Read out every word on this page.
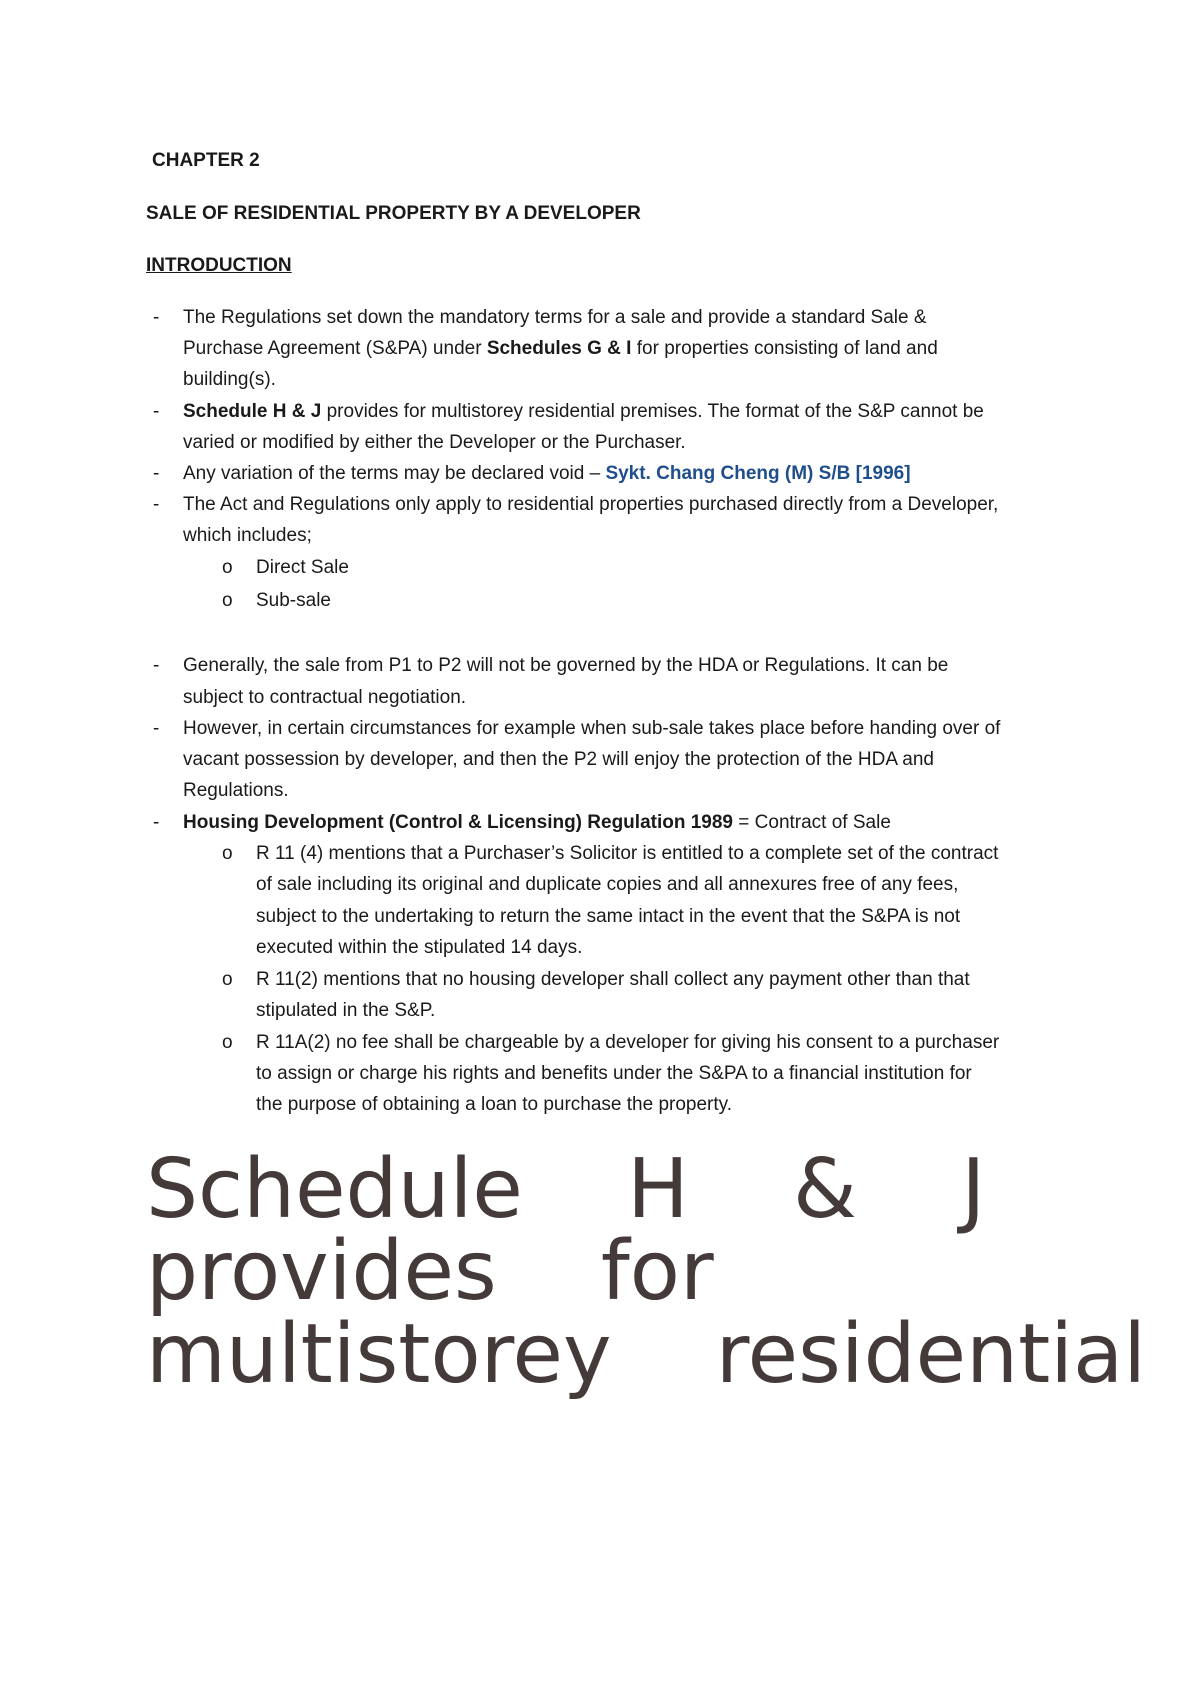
CHAPTER 2
SALE OF RESIDENTIAL PROPERTY BY A DEVELOPER
INTRODUCTION
- The Regulations set down the mandatory terms for a sale and provide a standard Sale &
Purchase Agreement (S&PA) under Schedules G & I for properties consisting of land and
building(s).
- Schedule H & J provides for multistorey residential premises. The format of the S&P cannot be
varied or modified by either the Developer or the Purchaser.
- Any variation of the terms may be declared void – Sykt. Chang Cheng (M) S/B [1996]
- The Act and Regulations only apply to residential properties purchased directly from a Developer,
which includes;
o Direct Sale
o Sub-sale
- Generally, the sale from P1 to P2 will not be governed by the HDA or Regulations. It can be
subject to contractual negotiation.
- However, in certain circumstances for example when sub-sale takes place before handing over of
vacant possession by developer, and then the P2 will enjoy the protection of the HDA and
Regulations.
- Housing Development (Control & Licensing) Regulation 1989 = Contract of Sale
o R 11 (4) mentions that a Purchaser’s Solicitor is entitled to a complete set of the contract
of sale including its original and duplicate copies and all annexures free of any fees,
subject to the undertaking to return the same intact in the event that the S&PA is not
executed within the stipulated 14 days.
o R 11(2) mentions that no housing developer shall collect any payment other than that
stipulated in the S&P.
o R 11A(2) no fee shall be chargeable by a developer for giving his consent to a purchaser
to assign or charge his rights and benefits under the S&PA to a financial institution for
the purpose of obtaining a loan to purchase the property.
Schedule    H    &    J
provides    for
multistorey    residential
